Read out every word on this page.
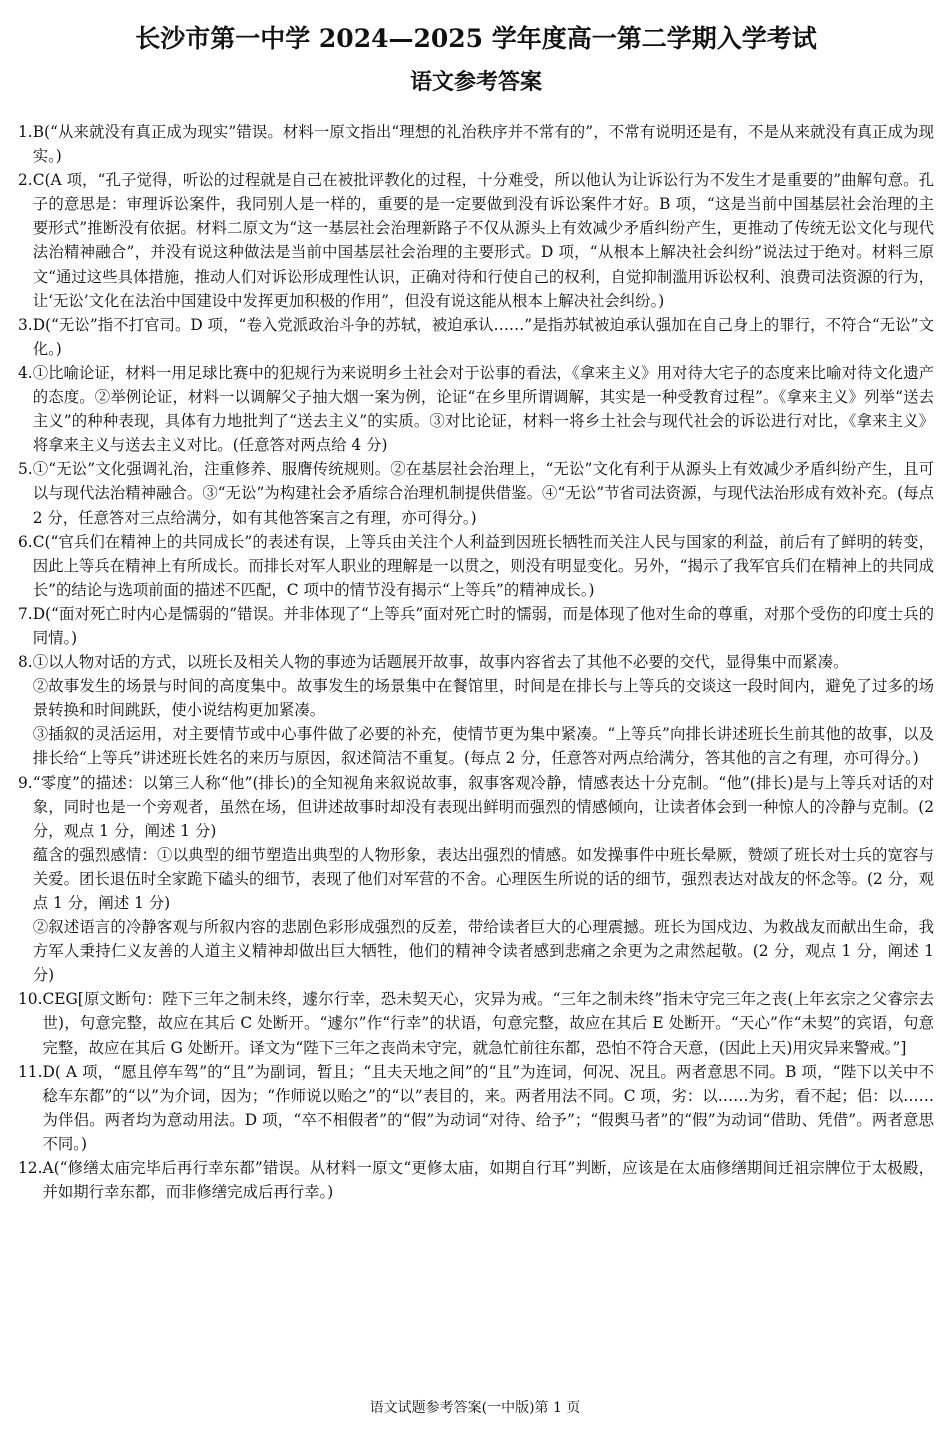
长沙市第一中学 2024—2025 学年度高一第二学期入学考试
语文参考答案
1. B(“从来就没有真正成为现实”错误。材料一原文指出“理想的礼治秩序并不常有的”，不常有说明还是有，不是从来就没有真正成为现实。)

2. C(A 项，“孔子觉得，听讼的过程就是自己在被批评教化的过程，十分难受，所以他认为让诉讼行为不发生才是重要的”曲解句意。孔子的意思是：审理诉讼案件，我同别人是一样的，重要的是一定要做到没有诉讼案件才好。B 项，“这是当前中国基层社会治理的主要形式”推断没有依据。材料二原文为“这一基层社会治理新路子不仅从源头上有效减少矛盾纠纷产生，更推动了传统无讼文化与现代法治精神融合”，并没有说这种做法是当前中国基层社会治理的主要形式。D 项，“从根本上解决社会纠纷”说法过于绝对。材料三原文“通过这些具体措施，推动人们对诉讼形成理性认识，正确对待和行使自己的权利，自觉抑制滥用诉讼权利、浪费司法资源的行为，让‘无讼’文化在法治中国建设中发挥更加积极的作用”，但没有说这能从根本上解决社会纠纷。)

3. D(“无讼”指不打官司。D 项，“卷入党派政治斗争的苏轼，被迫承认……”是指苏轼被迫承认强加在自己身上的罪行，不符合“无讼”文化。)

4. ①比喻论证，材料一用足球比赛中的犯规行为来说明乡土社会对于讼事的看法，《拿来主义》用对待大宅子的态度来比喻对待文化遗产的态度。②举例论证，材料一以调解父子抽大烟一案为例，论证“在乡里所谓调解，其实是一种受教育过程”。《拿来主义》列举“送去主义”的种种表现，具体有力地批判了“送去主义”的实质。③对比论证，材料一将乡土社会与现代社会的诉讼进行对比，《拿来主义》将拿来主义与送去主义对比。(任意答对两点给 4 分)

5. ①“无讼”文化强调礼治，注重修养、服膺传统规则。②在基层社会治理上，“无讼”文化有利于从源头上有效减少矛盾纠纷产生，且可以与现代法治精神融合。③“无讼”为构建社会矛盾综合治理机制提供借鉴。④“无讼”节省司法资源，与现代法治形成有效补充。(每点 2 分，任意答对三点给满分，如有其他答案言之有理，亦可得分。)

6. C(“官兵们在精神上的共同成长”的表述有误，上等兵由关注个人利益到因班长牺牲而关注人民与国家的利益，前后有了鲜明的转变，因此上等兵在精神上有所成长。而排长对军人职业的理解是一以贯之，则没有明显变化。另外，“揭示了我军官兵们在精神上的共同成长”的结论与选项前面的描述不匹配，C 项中的情节没有揭示“上等兵”的精神成长。)

7. D(“面对死亡时内心是懦弱的”错误。并非体现了“上等兵”面对死亡时的懦弱，而是体现了他对生命的尊重，对那个受伤的印度士兵的同情。)

8. ①以人物对话的方式，以班长及相关人物的事迹为话题展开故事，故事内容省去了其他不必要的交代，显得集中而紧凑。

②故事发生的场景与时间的高度集中。故事发生的场景集中在餐馆里，时间是在排长与上等兵的交谈这一段时间内，避免了过多的场景转换和时间跳跃，使小说结构更加紧凑。

③插叙的灵活运用，对主要情节或中心事件做了必要的补充，使情节更为集中紧凑。“上等兵”向排长讲述班长生前其他的故事，以及排长给“上等兵”讲述班长姓名的来历与原因，叙述简洁不重复。(每点 2 分，任意答对两点给满分，答其他的言之有理，亦可得分。)

9. “零度”的描述：以第三人称“他”(排长)的全知视角来叙说故事，叙事客观冷静，情感表达十分克制。“他”(排长)是与上等兵对话的对象，同时也是一个旁观者，虽然在场，但讲述故事时却没有表现出鲜明而强烈的情感倾向，让读者体会到一种惊人的冷静与克制。(2 分，观点 1 分，阐述 1 分)

蕴含的强烈感情：①以典型的细节塑造出典型的人物形象，表达出强烈的情感。如发操事件中班长晕厥，赞颂了班长对士兵的宽容与关爱。团长退伍时全家跪下磕头的细节，表现了他们对军营的不舍。心理医生所说的话的细节，强烈表达对战友的怀念等。(2 分，观点 1 分，阐述 1 分)

②叙述语言的冷静客观与所叙内容的悲剧色彩形成强烈的反差，带给读者巨大的心理震撼。班长为国戍边、为救战友而献出生命，我方军人秉持仁义友善的人道主义精神却做出巨大牺牲，他们的精神令读者感到悲痛之余更为之肃然起敬。(2 分，观点 1 分，阐述 1 分)

10. CEG[原文断句：陛下三年之制未终，遽尔行幸，恐未契天心，灾异为戒。“三年之制未终”指未守完三年之丧(上年玄宗之父睿宗去世)，句意完整，故应在其后 C 处断开。“遽尔”作“行幸”的状语，句意完整，故应在其后 E 处断开。“天心”作“未契”的宾语，句意完整，故应在其后 G 处断开。译文为“陛下三年之丧尚未守完，就急忙前往东都，恐怕不符合天意，(因此上天)用灾异来警戒。”]

11. D( A 项，“愿且停车驾”的“且”为副词，暂且；“且夫天地之间”的“且”为连词，何况、况且。两者意思不同。B 项，“陛下以关中不稔车东都”的“以”为介词，因为；“作师说以贻之”的“以”表目的，来。两者用法不同。C 项，劣：以……为劣，看不起；侣：以……为伴侣。两者均为意动用法。D 项，“卒不相假者”的“假”为动词“对待、给予”；“假舆马者”的“假”为动词“借助、凭借”。两者意思不同。)

12. A(“修缮太庙完毕后再行幸东都”错误。从材料一原文“更修太庙，如期自行耳”判断，应该是在太庙修缮期间迁祖宗牌位于太极殿，并如期行幸东都，而非修缮完成后再行幸。)

语文试题参考答案(一中版)第 1 页
